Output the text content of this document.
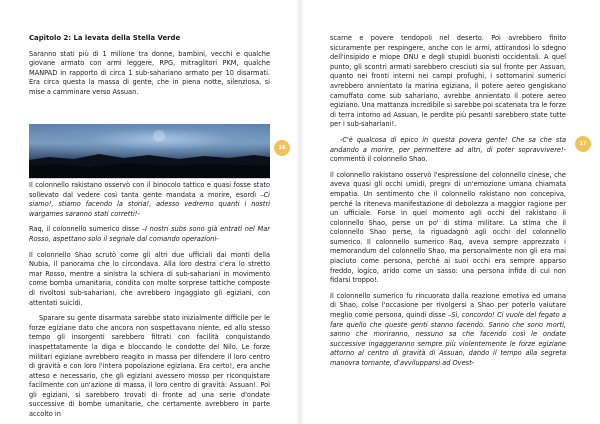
Capitolo 2: La levata della Stella Verde

Saranno stati più di 1 milione tra donne, bambini, vecchi e qualche giovane armato con armi leggere, RPG, mitraglitori PKM, qualche MANPAD in rapporto di circa 1 sub-sahariano armato per 10 disarmati. Era circa questa la massa di gente, che in piena notte, silenziosa, si mise a camminare verso Assuan.

16

Il colonnello rakistano osservò con il binocolo tattico e quasi fosse stato sollevato dal vedere così tanta gente mandata a morire, esordì –Ci siamo!, stiamo facendo la storia!, adesso vedremo quanti i nostri wargames saranno stati corretti!-

Raq, il colonnello sumerico disse –I nostri subs sono già entrati nel Mar Rosso, aspettano solo il segnale dal comando operazioni-

Il colonnello Shao scrutò come gli altri due ufficiali dai monti della Nubia, il panorama che lo circondava. Alla loro destra c'era lo stretto mar Rosso, mentre a sinistra la schiera di sub-sahariani in movimento come bomba umanitaria, condita con molte sorprese tattiche composte di rivoltosi sub-sahariani, che avrebbero ingaggiato gli egiziani, con attentati suicidi.

Sparare su gente disarmata sarebbe stato inizialmente difficile per le forze egiziane dato che ancora non sospettavano niente, ed allo stesso tempo gli insorgenti sarebbero filtrati con facilità conquistando inaspettatamente la diga e bloccando le condotte del Nilo. Le forze militari egiziane avrebbero reagito in massa per difendere il loro centro di gravità e con loro l'intera popolazione egiziana. Era certo!, era anche atteso e necessario, che gli egiziani avessero mosso per riconquistare facilmente con un'azione di massa, il loro centro di gravità: Assuan!. Poi gli egiziani, si sarebbero trovati di fronte ad una serie d'ondate successive di bombe umanitarie, che certamente avrebbero in parte accolto in

scarne e povere tendopoli nel deserto. Poi avrebbero finito sicuramente per respingere, anche con le armi, attirandosi lo sdegno dell'insipido e miope ONU e degli stupidi buonisti occidentali. A quel punto, gli scontri armati sarebbero cresciuti sia sul fronte per Assuan, quanto nei fronti interni nei campi profughi, i sottomarini sumerici avrebbero annientato la marina egiziana, il potere aereo gengiskano camuffato come sub sahariano, avrebbe annientato il potere aereo egiziano. Una mattanza incredibile si sarebbe poi scatenata tra le forze di terra intorno ad Assuan, le perdite più pesanti sarebbero state tutte per i sub-sahariani!.

-C'è qualcosa di epico in questa povera gente! Che sa che sta andando a morire, per permettere ad altri, di poter sopravvivere!- commentò il colonnello Shao.

Il colonnello rakistano osservò l'espressione del colonnello cinese, che aveva quasi gli occhi umidi, pregni di un'emozione umana chiamata empatia. Un sentimento che il colonnello rakistano non concepiva, perché la riteneva manifestazione di debolezza a maggior ragione per un ufficiale. Forse in quel momento agli occhi del rakistano il colonnello Shao, perse un po' di stima militare. La stima che il colonnello Shao perse, la riguadagnò agli occhi del colonnello sumerico. Il colonnello sumerico Raq, aveva sempre apprezzato i memorandum del colonnello Shao, ma personalmente non gli era mai piaciuto come persona, perché ai suoi occhi era sempre apparso freddo, logico, arido come un sasso: una persona infida di cui non fidarsi troppo!.

Il colonnello sumerico fu rincuorato dalla reazione emotiva ed umana di Shao, colse l'occasione per rivolgersi a Shao per poterlo valutare meglio come persona, quindi disse –Sì, concordo! Ci vuole del fegato a fare quello che queste genti stanno facendo. Sanno che sono morti, sanno che moriranno, nessuno sa che facendo così le ondate successive ingaggeranno sempre più violentemente le forze egiziane attorno al centro di gravità di Assuan, dando il tempo alla segreta manovra tornante, d'avvilupparsi ad Ovest-

17
